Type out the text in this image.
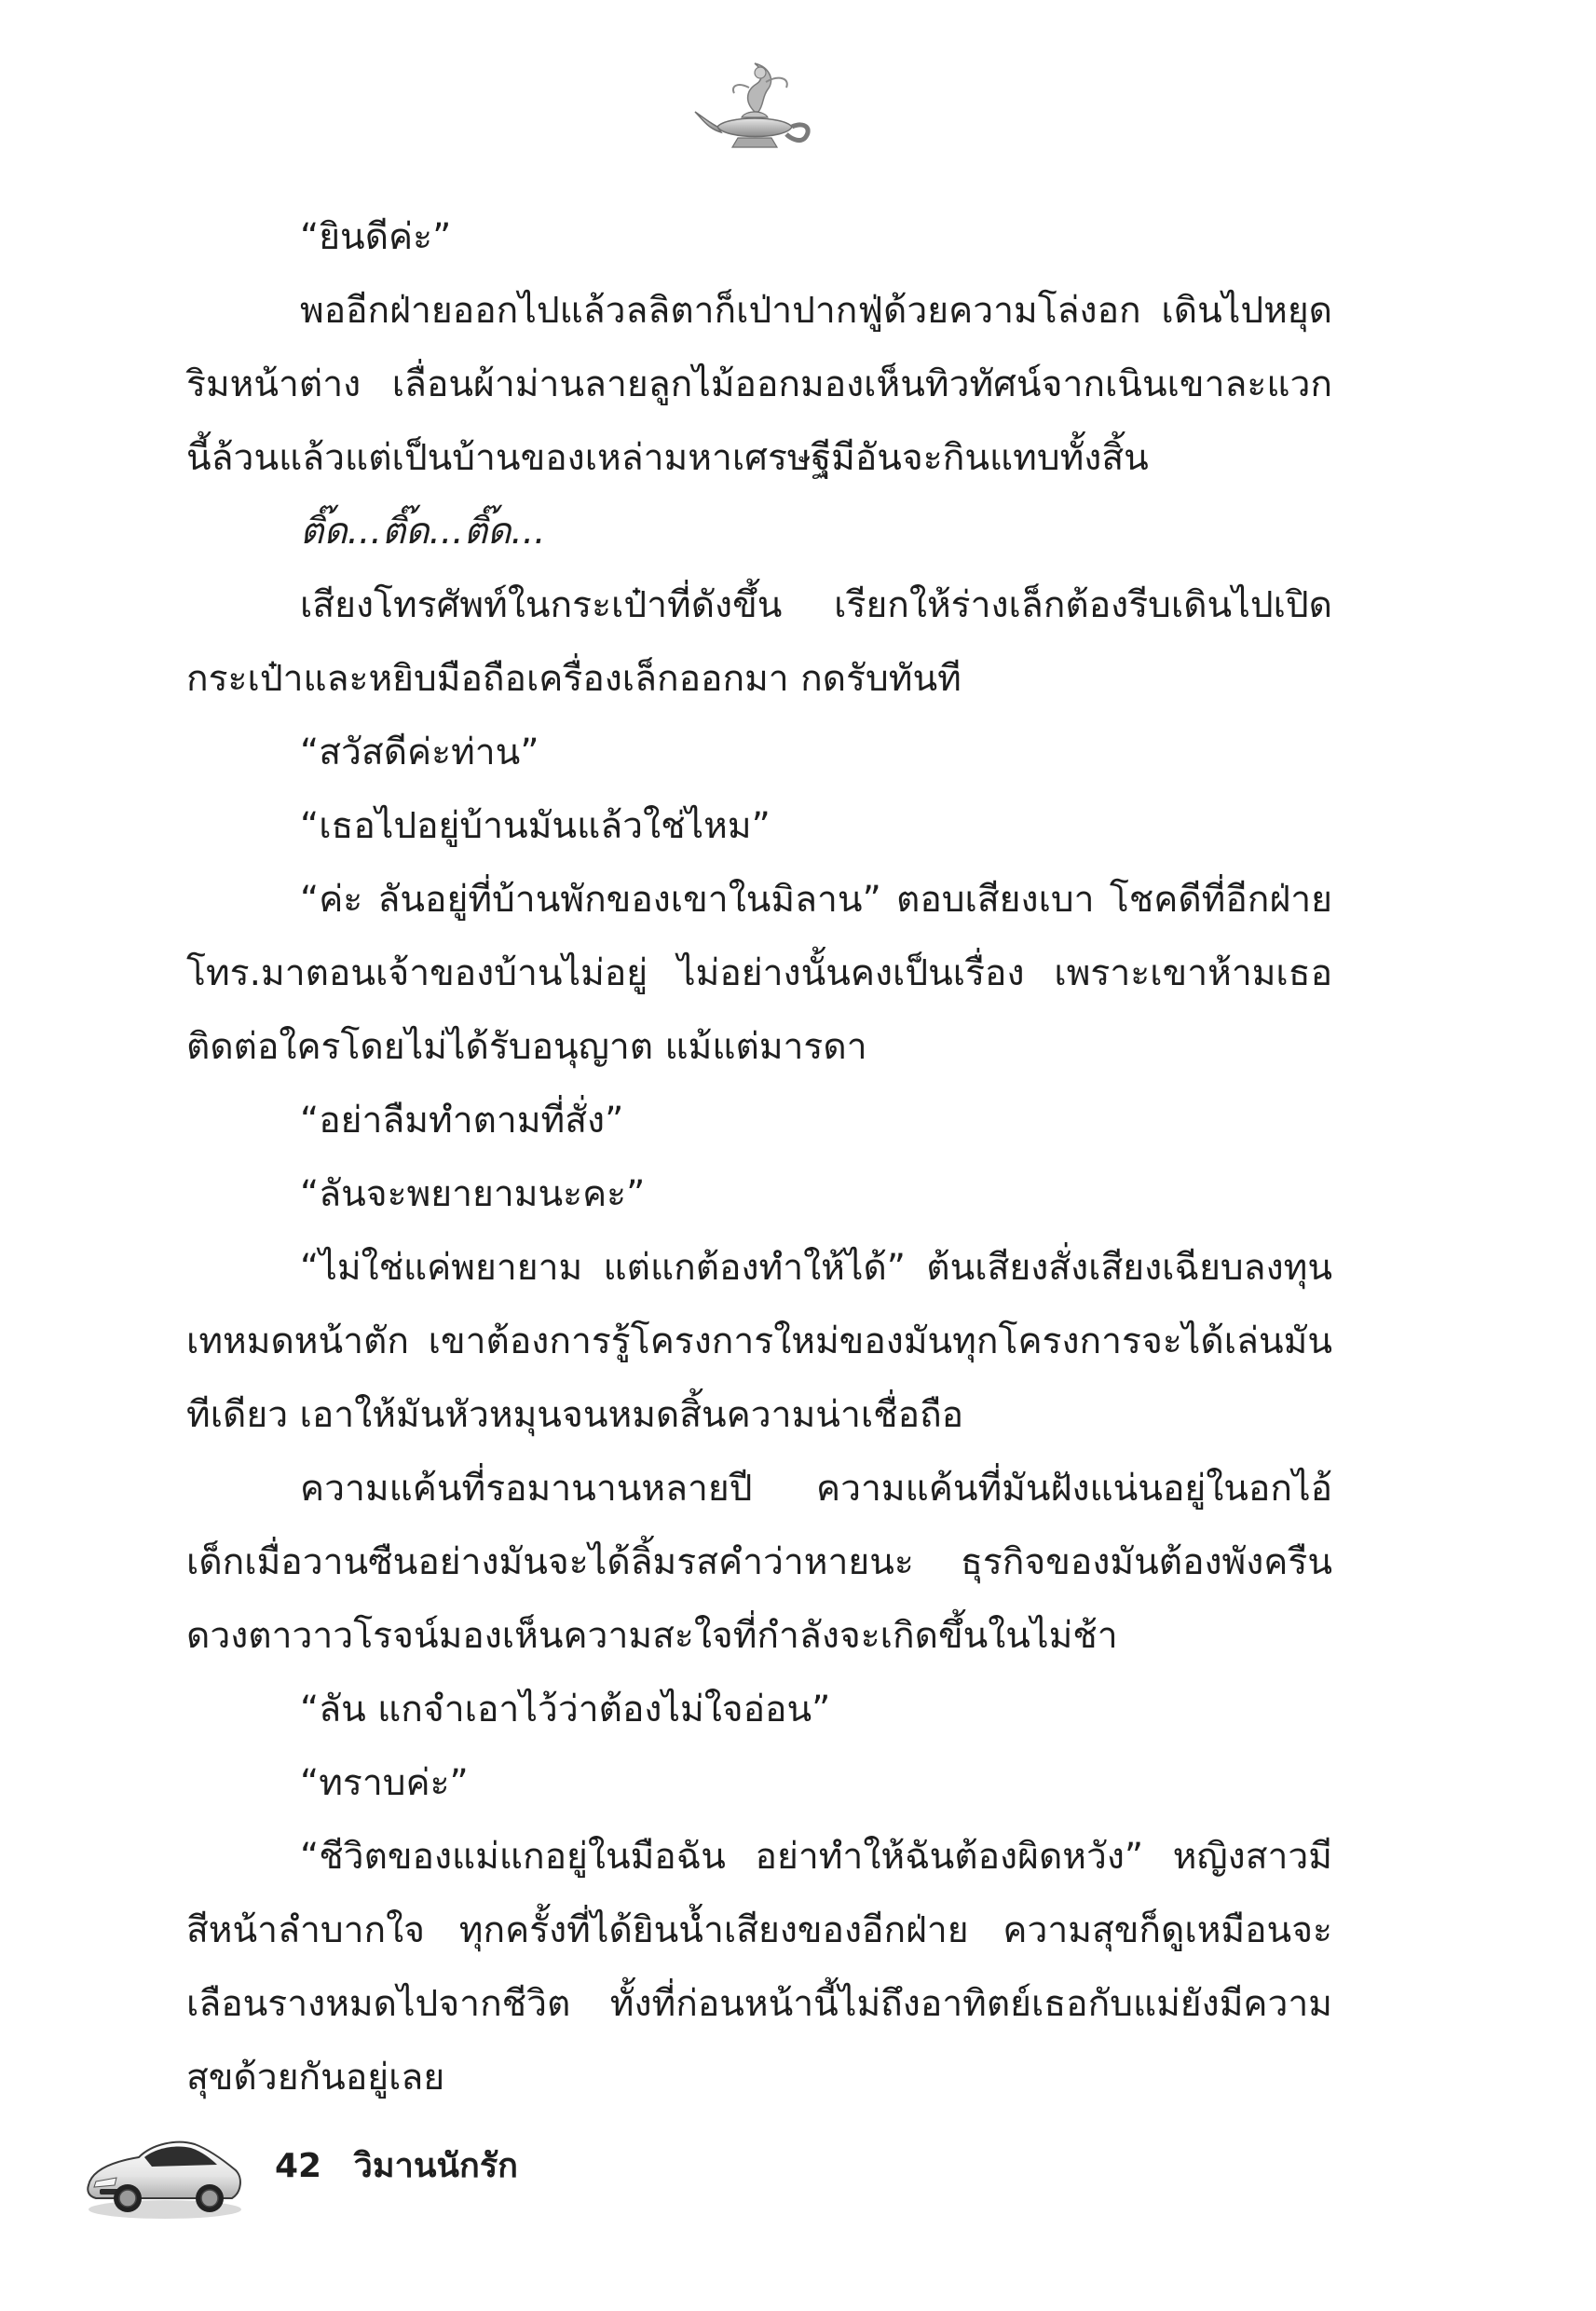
“ยินดีค่ะ”

พออีกฝ่ายออกไปแล้วลลิตาก็เป่าปากฟู่ด้วยความโล่งอก เดินไปหยุดริมหน้าต่าง เลื่อนผ้าม่านลายลูกไม้ออกมองเห็นทิวทัศน์จากเนินเขาละแวกนี้ล้วนแล้วแต่เป็นบ้านของเหล่ามหาเศรษฐีมีอันจะกินแทบทั้งสิ้น

ติ๊ด...ติ๊ด...ติ๊ด...

เสียงโทรศัพท์ในกระเป๋าที่ดังขึ้น เรียกให้ร่างเล็กต้องรีบเดินไปเปิดกระเป๋าและหยิบมือถือเครื่องเล็กออกมา กดรับทันที

“สวัสดีค่ะท่าน”

“เธอไปอยู่บ้านมันแล้วใช่ไหม”

“ค่ะ ลันอยู่ที่บ้านพักของเขาในมิลาน” ตอบเสียงเบา โชคดีที่อีกฝ่ายโทร.มาตอนเจ้าของบ้านไม่อยู่ ไม่อย่างนั้นคงเป็นเรื่อง เพราะเขาห้ามเธอติดต่อใครโดยไม่ได้รับอนุญาต แม้แต่มารดา

“อย่าลืมทำตามที่สั่ง”

“ลันจะพยายามนะคะ”

“ไม่ใช่แค่พยายาม แต่แกต้องทำให้ได้” ต้นเสียงสั่งเสียงเฉียบลงทุนเทหมดหน้าตัก เขาต้องการรู้โครงการใหม่ของมันทุกโครงการจะได้เล่นมันทีเดียว เอาให้มันหัวหมุนจนหมดสิ้นความน่าเชื่อถือ

ความแค้นที่รอมานานหลายปี ความแค้นที่มันฝังแน่นอยู่ในอกไอ้เด็กเมื่อวานซืนอย่างมันจะได้ลิ้มรสคำว่าหายนะ ธุรกิจของมันต้องพังครืน ดวงตาวาวโรจน์มองเห็นความสะใจที่กำลังจะเกิดขึ้นในไม่ช้า

“ลัน แกจำเอาไว้ว่าต้องไม่ใจอ่อน”

“ทราบค่ะ”

“ชีวิตของแม่แกอยู่ในมือฉัน อย่าทำให้ฉันต้องผิดหวัง” หญิงสาวมีสีหน้าลำบากใจ ทุกครั้งที่ได้ยินน้ำเสียงของอีกฝ่าย ความสุขก็ดูเหมือนจะเลือนรางหมดไปจากชีวิต ทั้งที่ก่อนหน้านี้ไม่ถึงอาทิตย์เธอกับแม่ยังมีความสุขด้วยกันอยู่เลย

42 วิมานนักรัก
